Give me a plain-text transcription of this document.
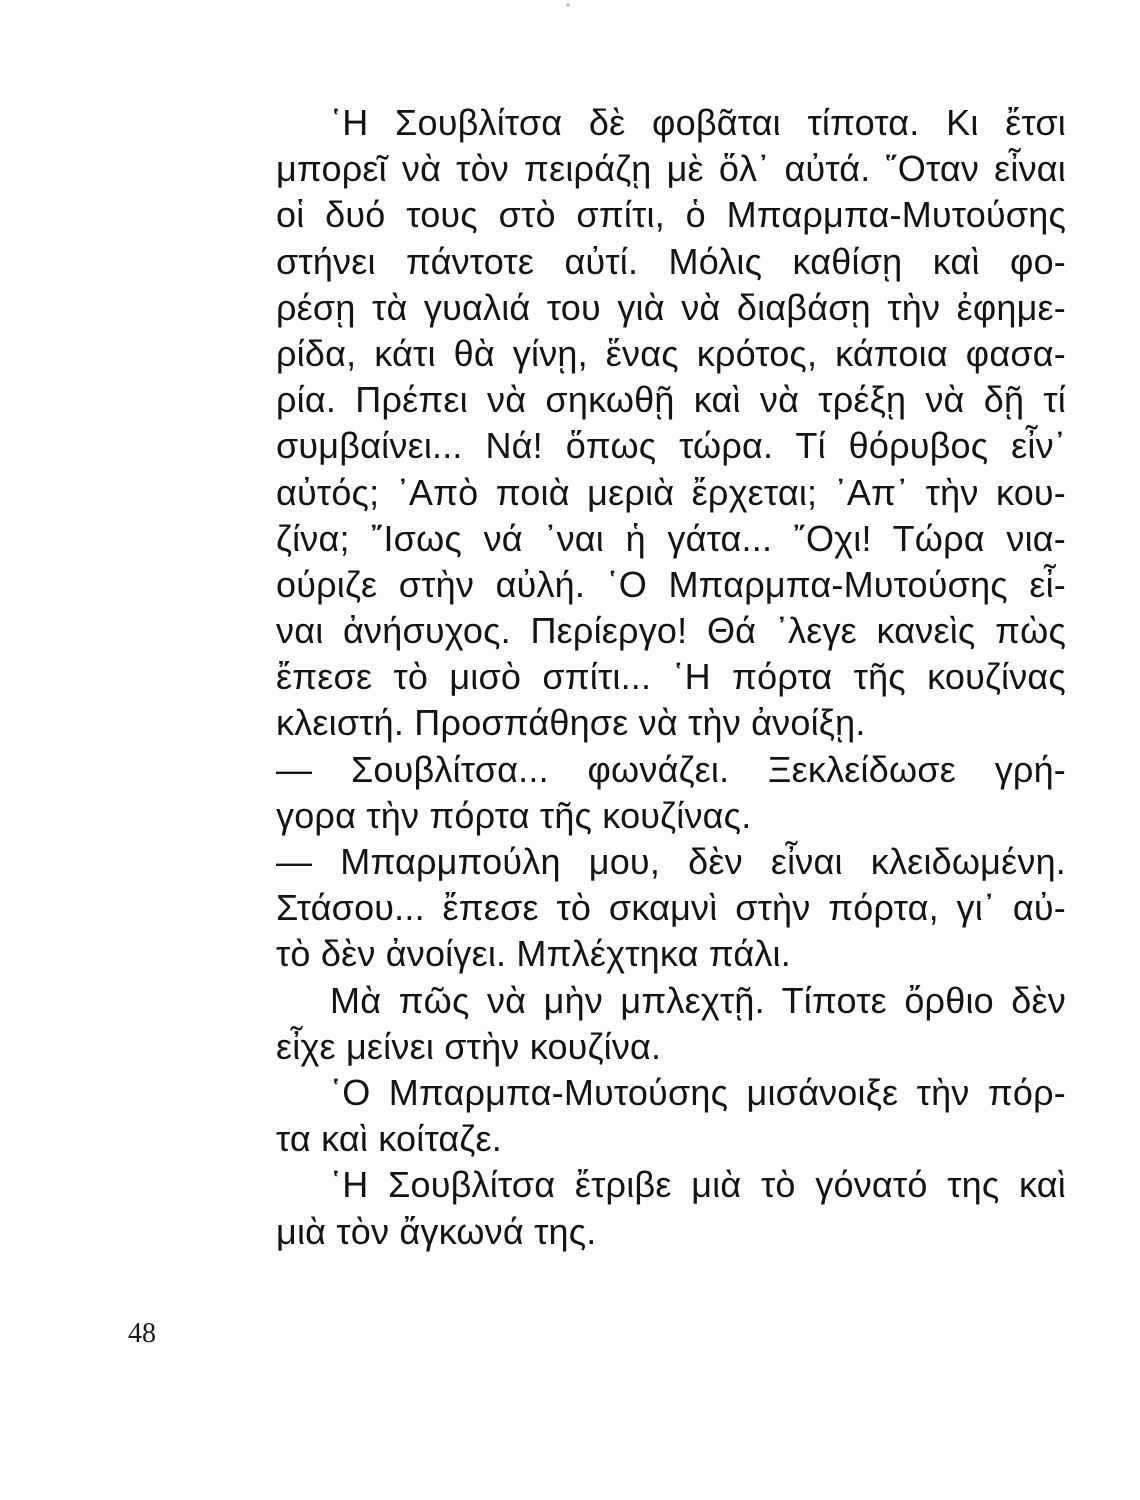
῾Η Σουβλίτσα δὲ φοβᾶται τίποτα. Κι ἔτσι
μπορεῖ νὰ τὸν πειράζῃ μὲ ὅλ᾽ αὐτά. ῞Οταν εἶναι
οἱ δυό τους στὸ σπίτι, ὁ Μπαρμπα-Μυτούσης
στήνει πάντοτε αὐτί. Μόλις καθίσῃ καὶ φο-
ρέσῃ τὰ γυαλιά του γιὰ νὰ διαβάσῃ τὴν ἐφημε-
ρίδα, κάτι θὰ γίνῃ, ἕνας κρότος, κάποια φασα-
ρία. Πρέπει νὰ σηκωθῇ καὶ νὰ τρέξῃ νὰ δῇ τί
συμβαίνει... Νά! ὅπως τώρα. Τί θόρυβος εἶν᾽
αὐτός; ᾽Απὸ ποιὰ μεριὰ ἔρχεται; ᾽Απ᾽ τὴν κου-
ζίνα; ῎Ισως νά ᾽ναι ἡ γάτα... ῎Οχι! Τώρα νια-
ούριζε στὴν αὐλή. ῾Ο Μπαρμπα-Μυτούσης εἶ-
ναι ἀνήσυχος. Περίεργο! Θά ᾽λεγε κανεὶς πὼς
ἔπεσε τὸ μισὸ σπίτι... ῾Η πόρτα τῆς κουζίνας
κλειστή. Προσπάθησε νὰ τὴν ἀνοίξῃ.
— Σουβλίτσα... φωνάζει. Ξεκλείδωσε γρή-
γορα τὴν πόρτα τῆς κουζίνας.
— Μπαρμπούλη μου, δὲν εἶναι κλειδωμένη.
Στάσου... ἔπεσε τὸ σκαμνὶ στὴν πόρτα, γι᾽ αὐ-
τὸ δὲν ἀνοίγει. Μπλέχτηκα πάλι.
Μὰ πῶς νὰ μὴν μπλεχτῇ. Τίποτε ὄρθιο δὲν
εἶχε μείνει στὴν κουζίνα.
῾Ο Μπαρμπα-Μυτούσης μισάνοιξε τὴν πόρ-
τα καὶ κοίταζε.
῾Η Σουβλίτσα ἔτριβε μιὰ τὸ γόνατό της καὶ
μιὰ τὸν ἄγκωνά της.
48
